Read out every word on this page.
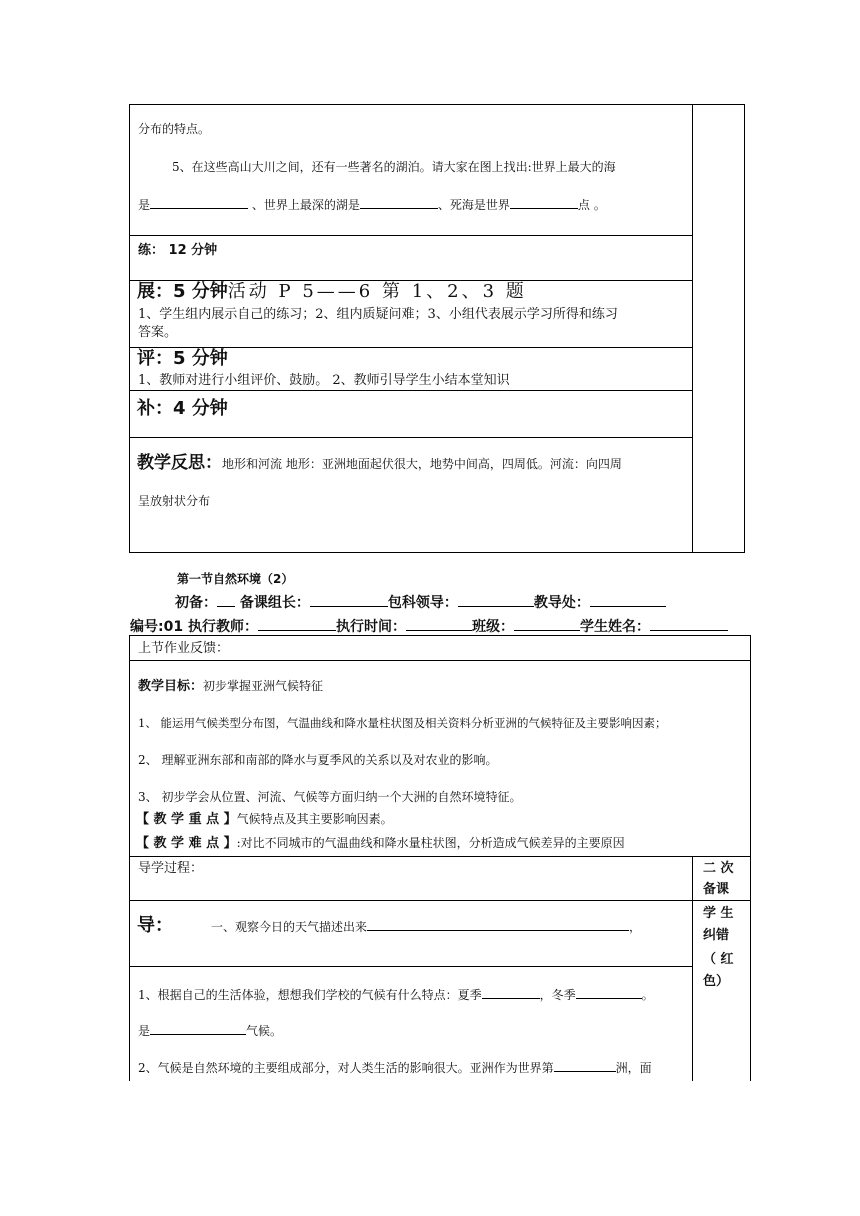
分布的特点。
5、在这些高山大川之间，还有一些著名的湖泊。请大家在图上找出:世界上最大的海
是	、世界上最深的湖是	、死海是世界	点 。
练： 12 分钟
展：5 分钟活动 P 5——6 第 1、2、3 题
1、学生组内展示自己的练习；2、组内质疑问难；3、小组代表展示学习所得和练习
答案。
评：5 分钟
1、教师对进行小组评价、鼓励。 2、教师引导学生小结本堂知识
补：4 分钟
教学反思：地形和河流 地形：亚洲地面起伏很大，地势中间高，四周低。河流：向四周
呈放射状分布
第一节自然环境（2）
初备： 备课组长：	包科领导：	教导处：
编号:01 执行教师：	执行时间：	班级：	学生姓名：
上节作业反馈：
教学目标：初步掌握亚洲气候特征
1、 能运用气候类型分布图，气温曲线和降水量柱状图及相关资料分析亚洲的气候特征及主要影响因素；
2、 理解亚洲东部和南部的降水与夏季风的关系以及对农业的影响。
3、 初步学会从位置、河流、气候等方面归纳一个大洲的自然环境特征。
【 教 学 重 点 】气候特点及其主要影响因素。
【 教 学 难 点 】:对比不同城市的气温曲线和降水量柱状图，分析造成气候差异的主要原因
导学过程：	二 次
备课
导：	一、观察今日的天气描述出来	，
学 生
纠错
（ 红
色）
1、根据自己的生活体验，想想我们学校的气候有什么特点：夏季	，冬季	。
是	气候。
2、气候是自然环境的主要组成部分，对人类生活的影响很大。亚洲作为世界第	洲，面
